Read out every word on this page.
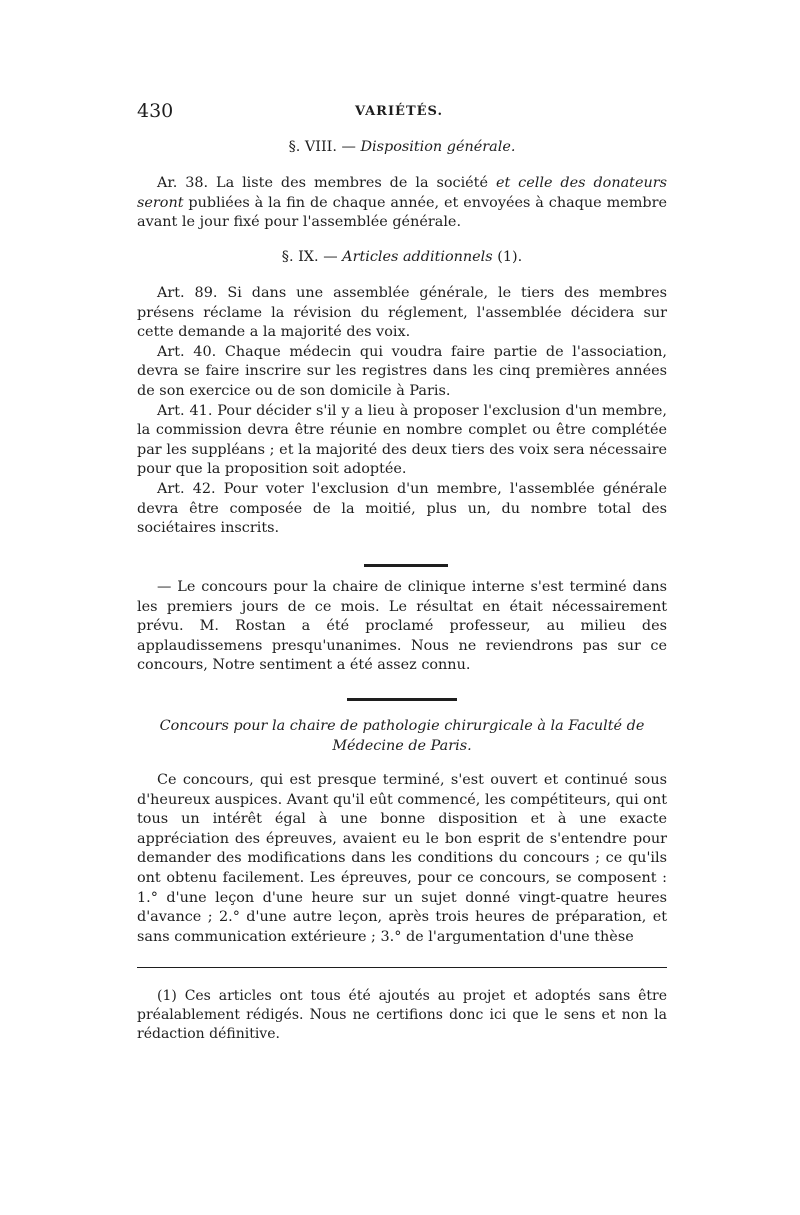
430	VARIÉTÉS.
§. VIII. — Disposition générale.

Ar. 38. La liste des membres de la société et celle des donateurs seront publiées à la fin de chaque année, et envoyées à chaque membre avant le jour fixé pour l'assemblée générale.

§. IX. — Articles additionnels (1).

Art. 89. Si dans une assemblée générale, le tiers des membres présens réclame la révision du réglement, l'assemblée décidera sur cette demande a la majorité des voix.

Art. 40. Chaque médecin qui voudra faire partie de l'association, devra se faire inscrire sur les registres dans les cinq premières années de son exercice ou de son domicile à Paris.

Art. 41. Pour décider s'il y a lieu à proposer l'exclusion d'un membre, la commission devra être réunie en nombre complet ou être complétée par les suppléans ; et la majorité des deux tiers des voix sera nécessaire pour que la proposition soit adoptée.

Art. 42. Pour voter l'exclusion d'un membre, l'assemblée générale devra être composée de la moitié, plus un, du nombre total des sociétaires inscrits.

— Le concours pour la chaire de clinique interne s'est terminé dans les premiers jours de ce mois. Le résultat en était nécessairement prévu. M. Rostan a été proclamé professeur, au milieu des applaudissemens presqu'unanimes. Nous ne reviendrons pas sur ce concours, Notre sentiment a été assez connu.

Concours pour la chaire de pathologie chirurgicale à la Faculté de
Médecine de Paris.

Ce concours, qui est presque terminé, s'est ouvert et continué sous d'heureux auspices. Avant qu'il eût commencé, les compétiteurs, qui ont tous un intérêt égal à une bonne disposition et à une exacte appréciation des épreuves, avaient eu le bon esprit de s'entendre pour demander des modifications dans les conditions du concours ; ce qu'ils ont obtenu facilement. Les épreuves, pour ce concours, se composent : 1.° d'une leçon d'une heure sur un sujet donné vingt-quatre heures d'avance ; 2.° d'une autre leçon, après trois heures de préparation, et sans communication extérieure ; 3.° de l'argumentation d'une thèse

(1) Ces articles ont tous été ajoutés au projet et adoptés sans être préalablement rédigés. Nous ne certifions donc ici que le sens et non la rédaction définitive.
